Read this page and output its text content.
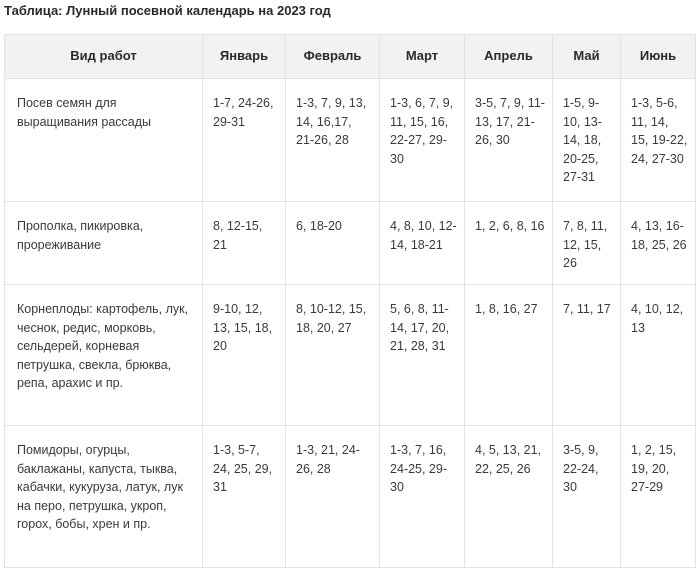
Таблица: Лунный посевной календарь на 2023 год
Вид работ	Январь	Февраль	Март	Апрель	Май	Июнь
Посев семян для выращивания рассады	1-7, 24-26, 29-31	1-3, 7, 9, 13, 14, 16,17, 21-26, 28	1-3, 6, 7, 9, 11, 15, 16, 22-27, 29-30	3-5, 7, 9, 11-13, 17, 21-26, 30	1-5, 9-10, 13-14, 18, 20-25, 27-31	1-3, 5-6, 11, 14, 15, 19-22, 24, 27-30
Прополка, пикировка, прореживание	8, 12-15, 21	6, 18-20	4, 8, 10, 12-14, 18-21	1, 2, 6, 8, 16	7, 8, 11, 12, 15, 26	4, 13, 16-18, 25, 26
Корнеплоды: картофель, лук, чеснок, редис, морковь, сельдерей, корневая петрушка, свекла, брюква, репа, арахис и пр.	9-10, 12, 13, 15, 18, 20	8, 10-12, 15, 18, 20, 27	5, 6, 8, 11-14, 17, 20, 21, 28, 31	1, 8, 16, 27	7, 11, 17	4, 10, 12, 13
Помидоры, огурцы, баклажаны, капуста, тыква, кабачки, кукуруза, латук, лук на перо, петрушка, укроп, горох, бобы, хрен и пр.	1-3, 5-7, 24, 25, 29, 31	1-3, 21, 24-26, 28	1-3, 7, 16, 24-25, 29-30	4, 5, 13, 21, 22, 25, 26	3-5, 9, 22-24, 30	1, 2, 15, 19, 20, 27-29
